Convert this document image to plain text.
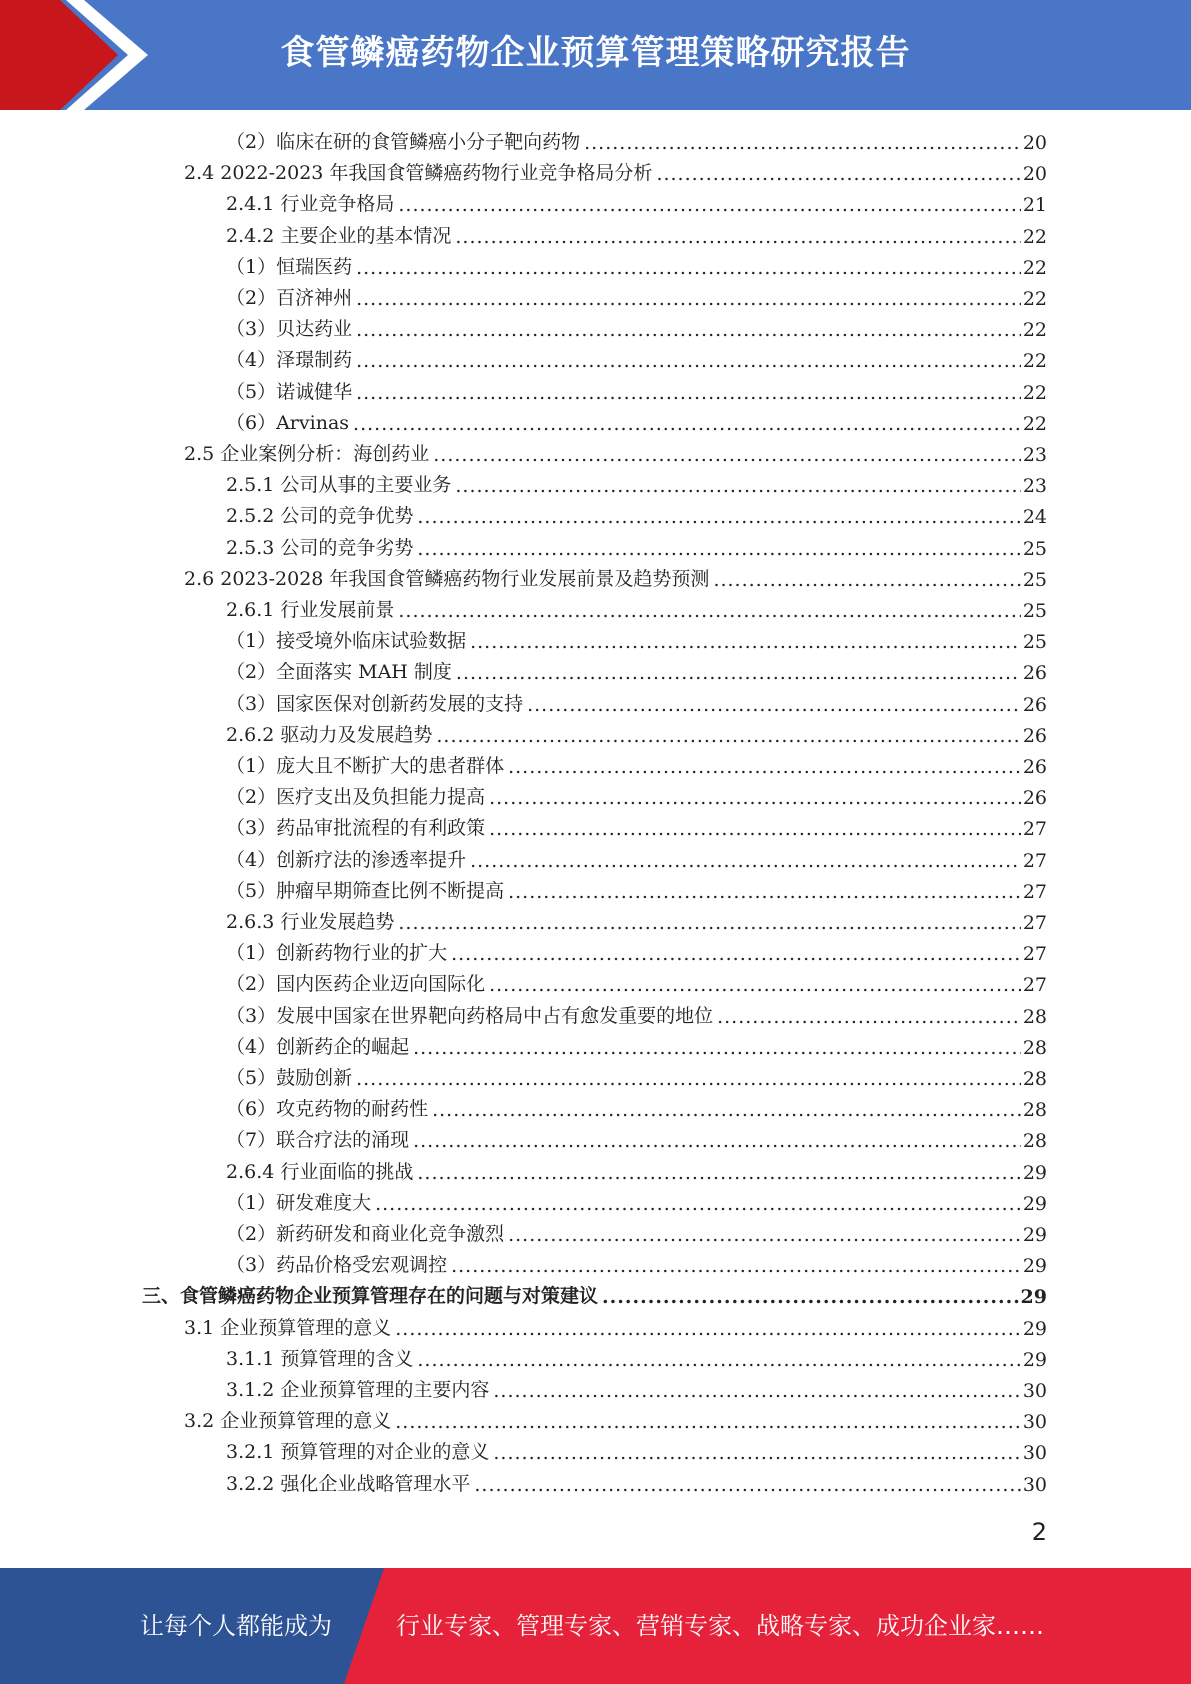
食管鳞癌药物企业预算管理策略研究报告
（2）临床在研的食管鳞癌小分子靶向药物 .....	20
2.4 2022-2023 年我国食管鳞癌药物行业竞争格局分析 .....	20
2.4.1 行业竞争格局 .....	21
2.4.2 主要企业的基本情况 .....	22
（1）恒瑞医药 .....	22
（2）百济神州 .....	22
（3）贝达药业 .....	22
（4）泽璟制药 .....	22
（5）诺诚健华 .....	22
（6）Arvinas .....	22
2.5 企业案例分析：海创药业 .....	23
2.5.1 公司从事的主要业务 .....	23
2.5.2 公司的竞争优势 .....	24
2.5.3 公司的竞争劣势 .....	25
2.6 2023-2028 年我国食管鳞癌药物行业发展前景及趋势预测 .....	25
2.6.1 行业发展前景 .....	25
（1）接受境外临床试验数据 .....	25
（2）全面落实 MAH 制度 .....	26
（3）国家医保对创新药发展的支持 .....	26
2.6.2 驱动力及发展趋势 .....	26
（1）庞大且不断扩大的患者群体 .....	26
（2）医疗支出及负担能力提高 .....	26
（3）药品审批流程的有利政策 .....	27
（4）创新疗法的渗透率提升 .....	27
（5）肿瘤早期筛查比例不断提高 .....	27
2.6.3 行业发展趋势 .....	27
（1）创新药物行业的扩大 .....	27
（2）国内医药企业迈向国际化 .....	27
（3）发展中国家在世界靶向药格局中占有愈发重要的地位 .....	28
（4）创新药企的崛起 .....	28
（5）鼓励创新 .....	28
（6）攻克药物的耐药性 .....	28
（7）联合疗法的涌现 .....	28
2.6.4 行业面临的挑战 .....	29
（1）研发难度大 .....	29
（2）新药研发和商业化竞争激烈 .....	29
（3）药品价格受宏观调控 .....	29
三、食管鳞癌药物企业预算管理存在的问题与对策建议 .....	29
3.1 企业预算管理的意义 .....	29
3.1.1 预算管理的含义 .....	29
3.1.2 企业预算管理的主要内容 .....	30
3.2 企业预算管理的意义 .....	30
3.2.1 预算管理的对企业的意义 .....	30
3.2.2 强化企业战略管理水平 .....	30
2
让每个人都能成为	行业专家、管理专家、营销专家、战略专家、成功企业家……
